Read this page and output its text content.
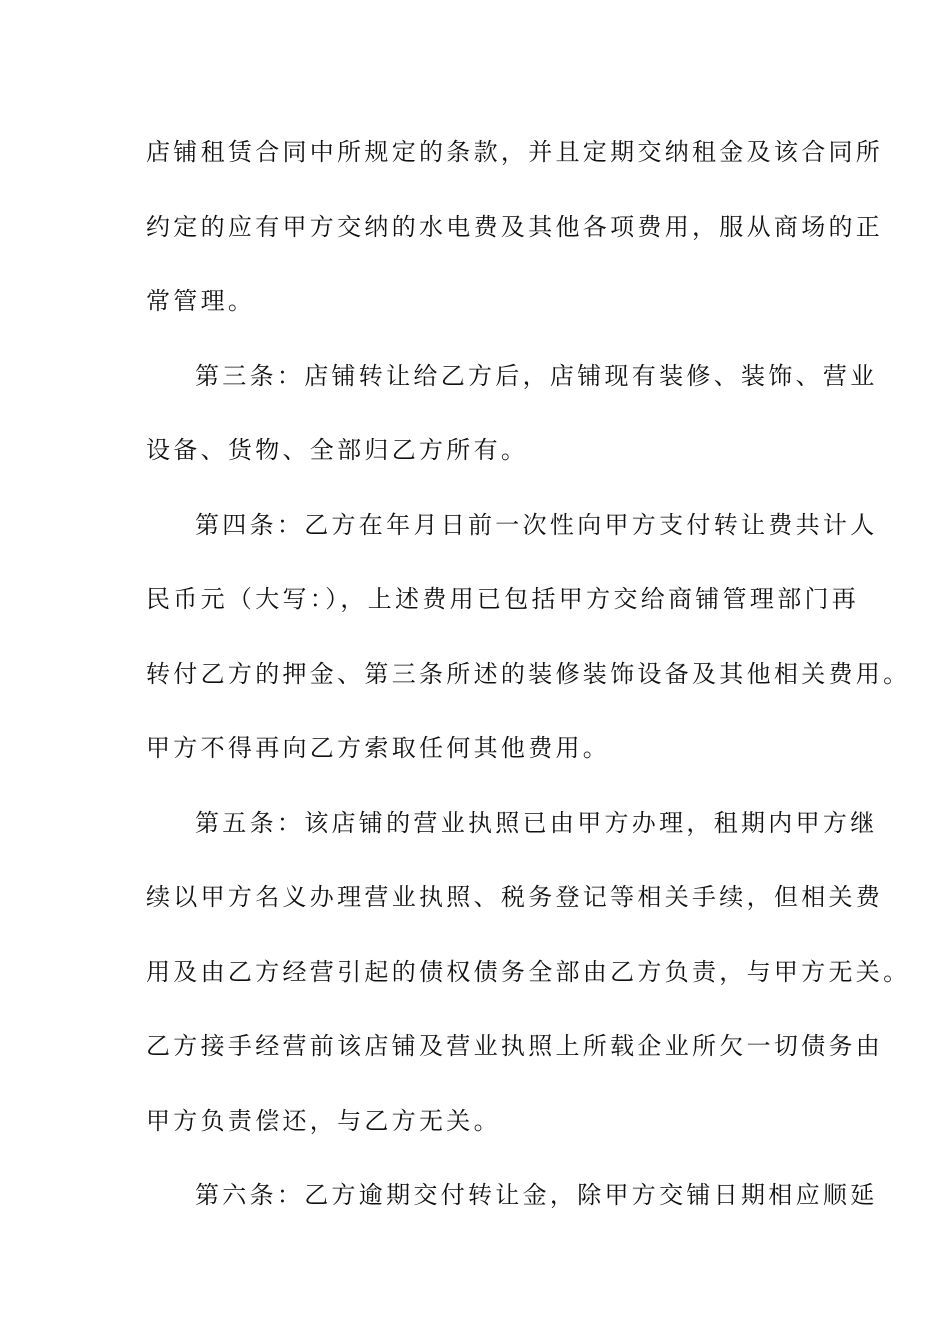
店铺租赁合同中所规定的条款，并且定期交纳租金及该合同所
约定的应有甲方交纳的水电费及其他各项费用，服从商场的正
常管理。
第三条：店铺转让给乙方后，店铺现有装修、装饰、营业
设备、货物、全部归乙方所有。
第四条：乙方在年月日前一次性向甲方支付转让费共计人
民币元（大写：），上述费用已包括甲方交给商铺管理部门再
转付乙方的押金、第三条所述的装修装饰设备及其他相关费用。
甲方不得再向乙方索取任何其他费用。
第五条：该店铺的营业执照已由甲方办理，租期内甲方继
续以甲方名义办理营业执照、税务登记等相关手续，但相关费
用及由乙方经营引起的债权债务全部由乙方负责，与甲方无关。
乙方接手经营前该店铺及营业执照上所载企业所欠一切债务由
甲方负责偿还，与乙方无关。
第六条：乙方逾期交付转让金，除甲方交铺日期相应顺延
